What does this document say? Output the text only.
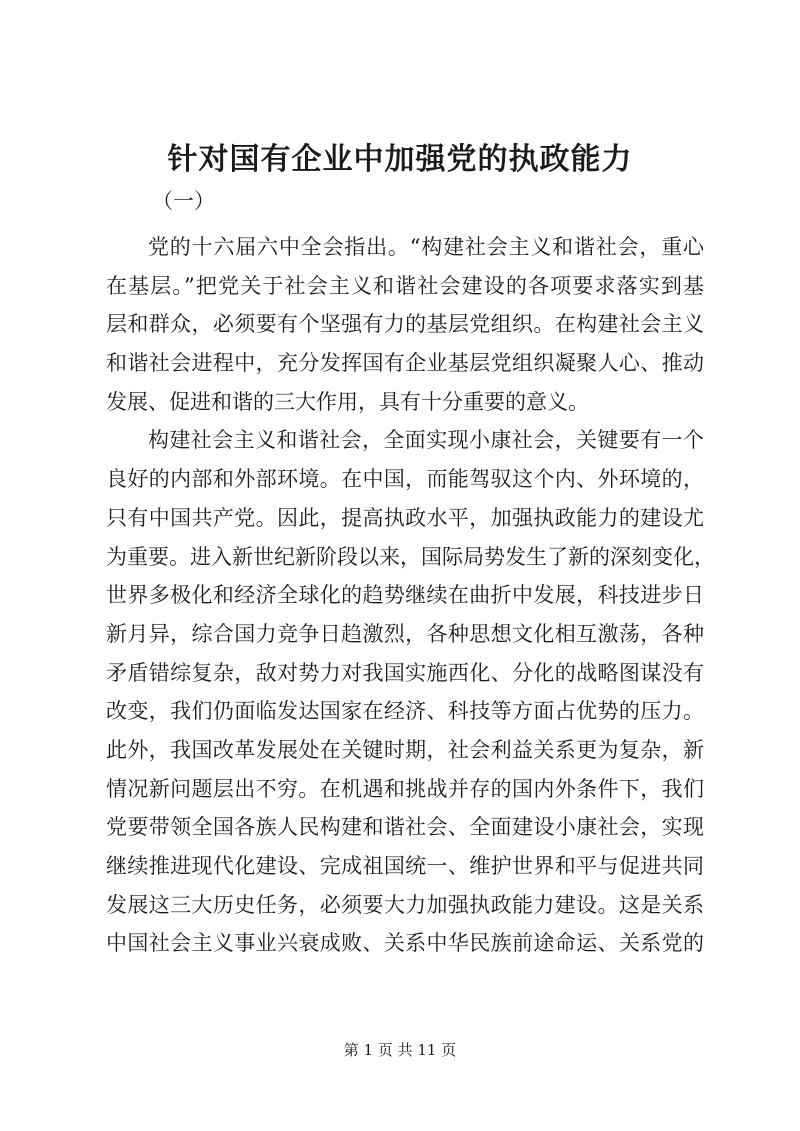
针对国有企业中加强党的执政能力
（一）
党的十六届六中全会指出。“构建社会主义和谐社会，重心
在基层。”把党关于社会主义和谐社会建设的各项要求落实到基
层和群众，必须要有个坚强有力的基层党组织。在构建社会主义
和谐社会进程中，充分发挥国有企业基层党组织凝聚人心、推动
发展、促进和谐的三大作用，具有十分重要的意义。
构建社会主义和谐社会，全面实现小康社会，关键要有一个
良好的内部和外部环境。在中国，而能驾驭这个内、外环境的，
只有中国共产党。因此，提高执政水平，加强执政能力的建设尤
为重要。进入新世纪新阶段以来，国际局势发生了新的深刻变化，
世界多极化和经济全球化的趋势继续在曲折中发展，科技进步日
新月异，综合国力竞争日趋激烈，各种思想文化相互激荡，各种
矛盾错综复杂，敌对势力对我国实施西化、分化的战略图谋没有
改变，我们仍面临发达国家在经济、科技等方面占优势的压力。
此外，我国改革发展处在关键时期，社会利益关系更为复杂，新
情况新问题层出不穷。在机遇和挑战并存的国内外条件下，我们
党要带领全国各族人民构建和谐社会、全面建设小康社会，实现
继续推进现代化建设、完成祖国统一、维护世界和平与促进共同
发展这三大历史任务，必须要大力加强执政能力建设。这是关系
中国社会主义事业兴衰成败、关系中华民族前途命运、关系党的
第 1 页 共 11 页
